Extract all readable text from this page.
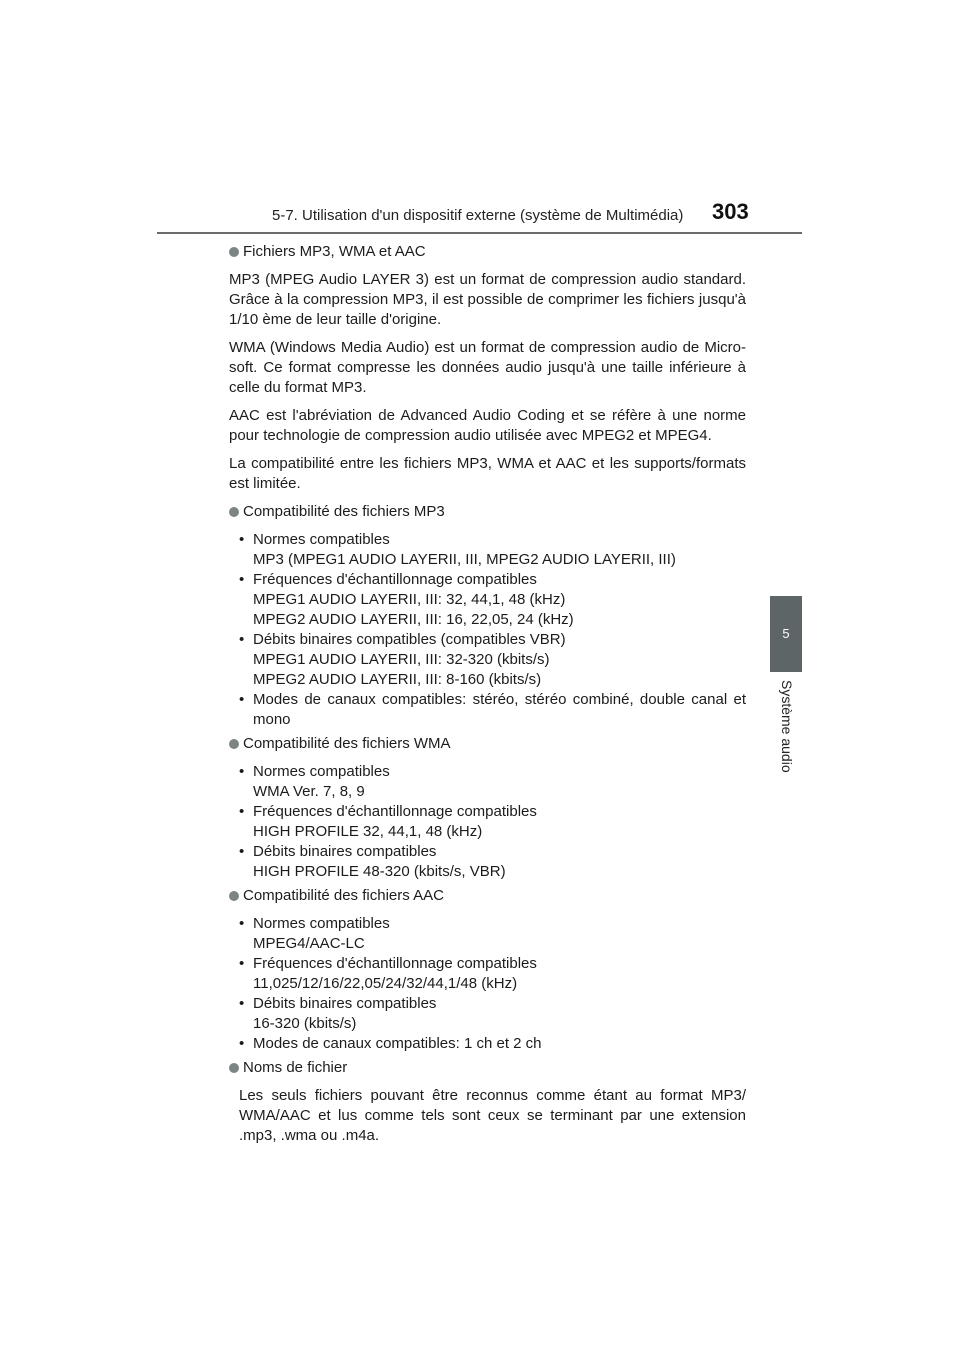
5-7. Utilisation d'un dispositif externe (système de Multimédia) 303
5
Système audio
Fichiers MP3, WMA et AAC

MP3 (MPEG Audio LAYER 3) est un format de compression audio standard. Grâce à la compression MP3, il est possible de comprimer les fichiers jusqu'à 1/10 ème de leur taille d'origine.

WMA (Windows Media Audio) est un format de compression audio de Micro-soft. Ce format compresse les données audio jusqu'à une taille inférieure à celle du format MP3.

AAC est l'abréviation de Advanced Audio Coding et se réfère à une norme pour technologie de compression audio utilisée avec MPEG2 et MPEG4.

La compatibilité entre les fichiers MP3, WMA et AAC et les supports/formats est limitée.

Compatibilité des fichiers MP3
• Normes compatibles
MP3 (MPEG1 AUDIO LAYERII, III, MPEG2 AUDIO LAYERII, III)
• Fréquences d'échantillonnage compatibles
MPEG1 AUDIO LAYERII, III: 32, 44,1, 48 (kHz)
MPEG2 AUDIO LAYERII, III: 16, 22,05, 24 (kHz)
• Débits binaires compatibles (compatibles VBR)
MPEG1 AUDIO LAYERII, III: 32-320 (kbits/s)
MPEG2 AUDIO LAYERII, III: 8-160 (kbits/s)
• Modes de canaux compatibles: stéréo, stéréo combiné, double canal et mono
Compatibilité des fichiers WMA
• Normes compatibles
WMA Ver. 7, 8, 9
• Fréquences d'échantillonnage compatibles
HIGH PROFILE 32, 44,1, 48 (kHz)
• Débits binaires compatibles
HIGH PROFILE 48-320 (kbits/s, VBR)
Compatibilité des fichiers AAC
• Normes compatibles
MPEG4/AAC-LC
• Fréquences d'échantillonnage compatibles
11,025/12/16/22,05/24/32/44,1/48 (kHz)
• Débits binaires compatibles
16-320 (kbits/s)
• Modes de canaux compatibles: 1 ch et 2 ch
Noms de fichier

Les seuls fichiers pouvant être reconnus comme étant au format MP3/ WMA/AAC et lus comme tels sont ceux se terminant par une extension .mp3, .wma ou .m4a.
